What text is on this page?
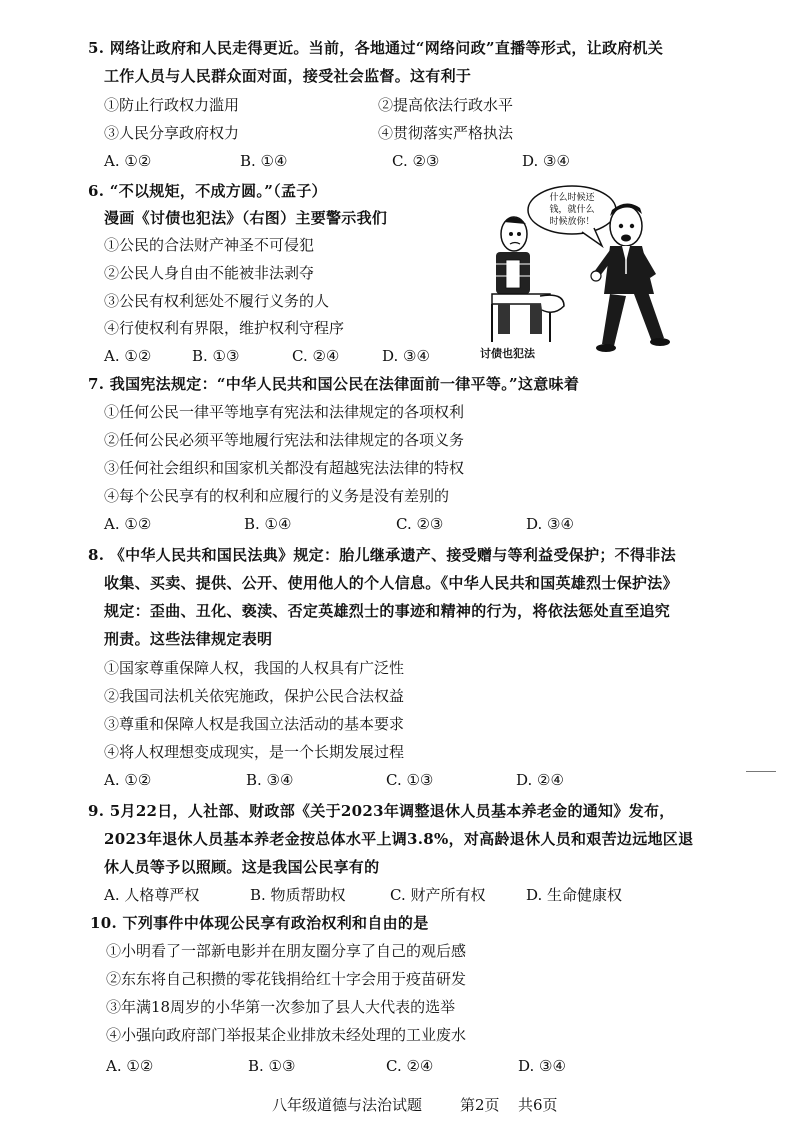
5. 网络让政府和人民走得更近。当前，各地通过“网络问政”直播等形式，让政府机关
工作人员与人民群众面对面，接受社会监督。这有利于
①防止行政权力滥用	②提高依法行政水平
③人民分享政府权力	④贯彻落实严格执法
A. ①②	B. ①④	C. ②③	D. ③④
6. “不以规矩，不成方圆。”（孟子）
漫画《讨债也犯法》（右图）主要警示我们
①公民的合法财产神圣不可侵犯
②公民人身自由不能被非法剥夺
③公民有权利惩处不履行义务的人
④行使权利有界限，维护权利守程序
A. ①②	B. ①③	C. ②④	D. ③④
什么时候还
钱，就什么
时候放你！
讨债也犯法
7. 我国宪法规定：“中华人民共和国公民在法律面前一律平等。”这意味着
①任何公民一律平等地享有宪法和法律规定的各项权利
②任何公民必须平等地履行宪法和法律规定的各项义务
③任何社会组织和国家机关都没有超越宪法法律的特权
④每个公民享有的权利和应履行的义务是没有差别的
A. ①②	B. ①④	C. ②③	D. ③④
8. 《中华人民共和国民法典》规定：胎儿继承遗产、接受赠与等利益受保护；不得非法
收集、买卖、提供、公开、使用他人的个人信息。《中华人民共和国英雄烈士保护法》
规定：歪曲、丑化、亵渎、否定英雄烈士的事迹和精神的行为，将依法惩处直至追究
刑责。这些法律规定表明
①国家尊重保障人权，我国的人权具有广泛性
②我国司法机关依宪施政，保护公民合法权益
③尊重和保障人权是我国立法活动的基本要求
④将人权理想变成现实，是一个长期发展过程
A. ①②	B. ③④	C. ①③	D. ②④
9. 5月22日，人社部、财政部《关于2023年调整退休人员基本养老金的通知》发布，
2023年退休人员基本养老金按总体水平上调3.8%，对高龄退休人员和艰苦边远地区退
休人员等予以照顾。这是我国公民享有的
A. 人格尊严权	B. 物质帮助权	C. 财产所有权	D. 生命健康权
10. 下列事件中体现公民享有政治权利和自由的是
①小明看了一部新电影并在朋友圈分享了自己的观后感
②东东将自己积攒的零花钱捐给红十字会用于疫苗研发
③年满18周岁的小华第一次参加了县人大代表的选举
④小强向政府部门举报某企业排放未经处理的工业废水
A. ①②	B. ①③	C. ②④	D. ③④
八年级道德与法治试题	第2页 共6页
